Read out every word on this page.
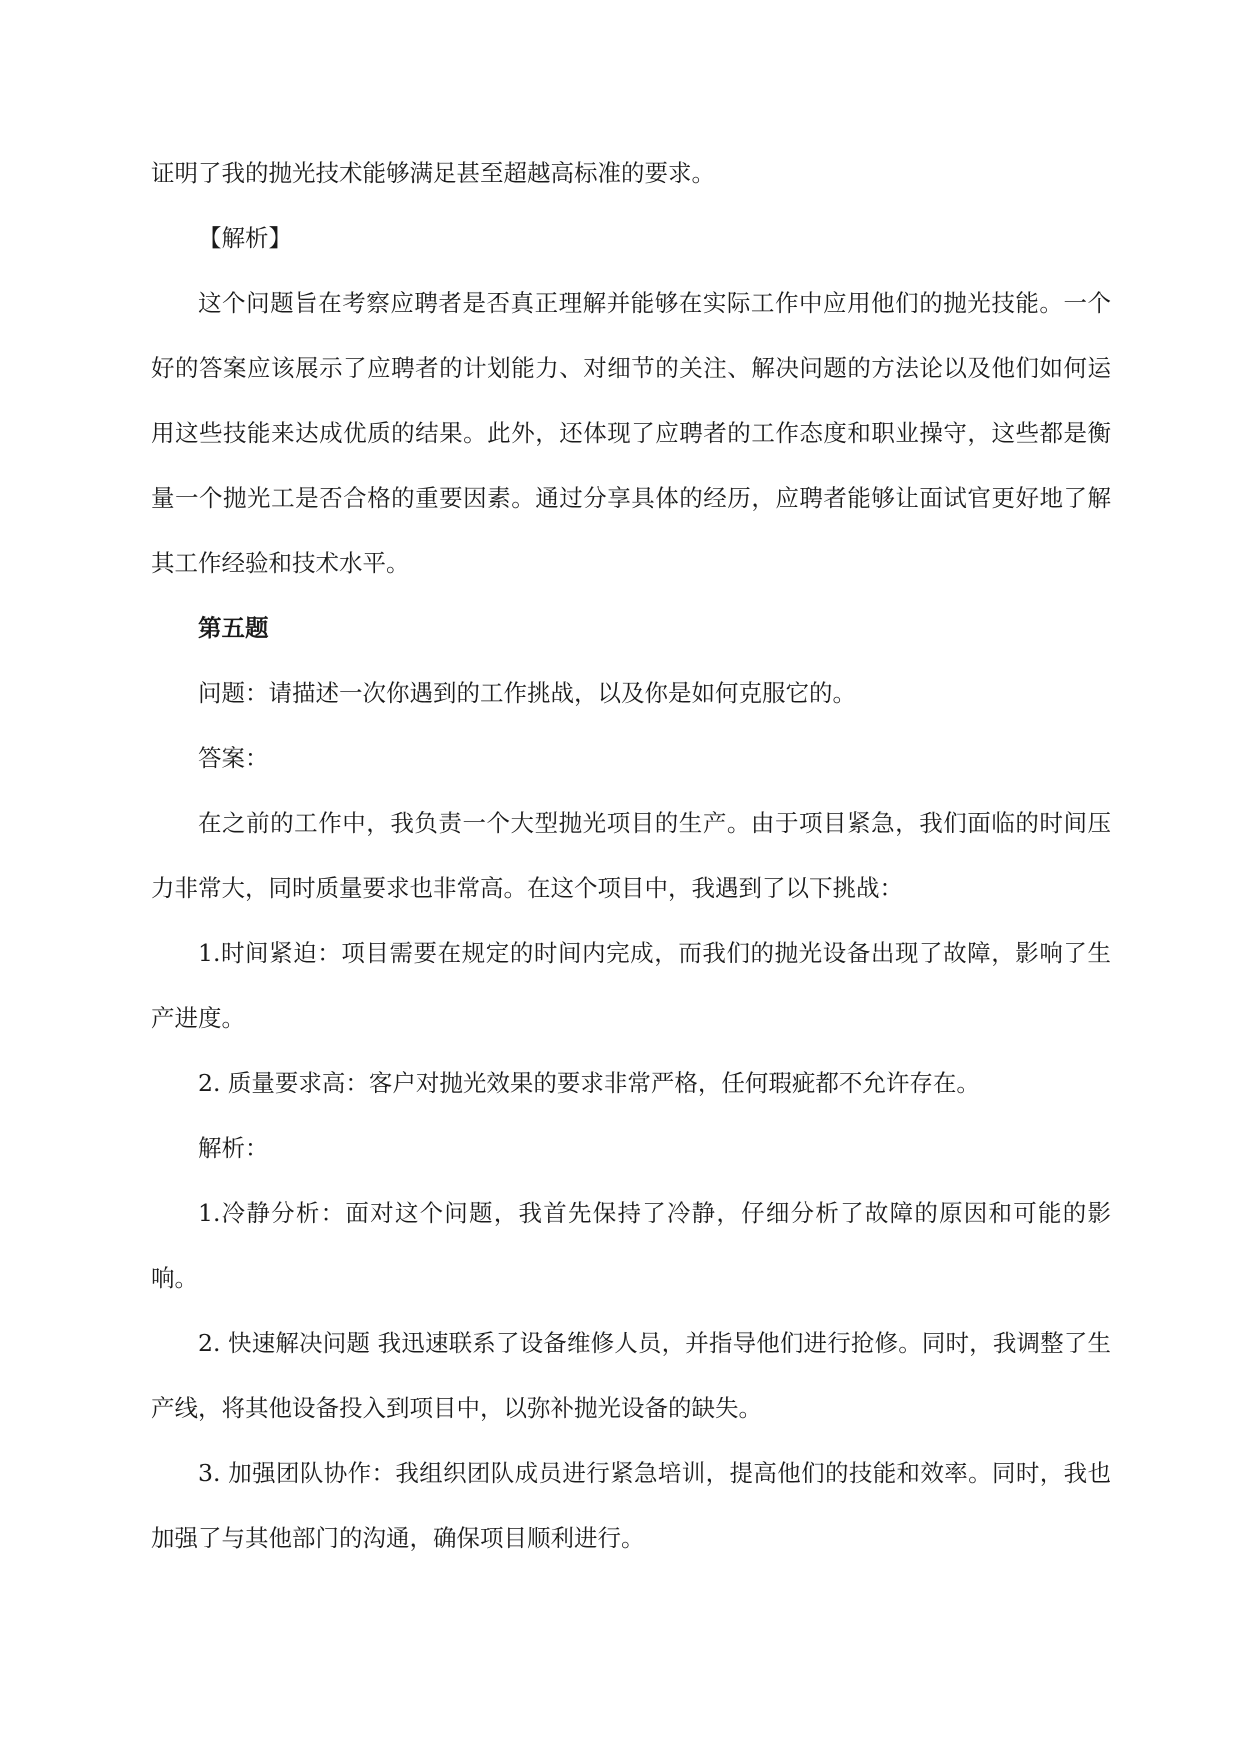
证明了我的抛光技术能够满足甚至超越高标准的要求。

【解析】

这个问题旨在考察应聘者是否真正理解并能够在实际工作中应用他们的抛光技能。一个好的答案应该展示了应聘者的计划能力、对细节的关注、解决问题的方法论以及他们如何运用这些技能来达成优质的结果。此外，还体现了应聘者的工作态度和职业操守，这些都是衡量一个抛光工是否合格的重要因素。通过分享具体的经历，应聘者能够让面试官更好地了解其工作经验和技术水平。

第五题

问题：请描述一次你遇到的工作挑战，以及你是如何克服它的。

答案：

在之前的工作中，我负责一个大型抛光项目的生产。由于项目紧急，我们面临的时间压力非常大，同时质量要求也非常高。在这个项目中，我遇到了以下挑战：

1.时间紧迫：项目需要在规定的时间内完成，而我们的抛光设备出现了故障，影响了生产进度。

2. 质量要求高：客户对抛光效果的要求非常严格，任何瑕疵都不允许存在。

解析：

1.冷静分析：面对这个问题，我首先保持了冷静，仔细分析了故障的原因和可能的影响。

2. 快速解决问题 我迅速联系了设备维修人员，并指导他们进行抢修。同时，我调整了生产线，将其他设备投入到项目中，以弥补抛光设备的缺失。

3. 加强团队协作：我组织团队成员进行紧急培训，提高他们的技能和效率。同时，我也加强了与其他部门的沟通，确保项目顺利进行。
